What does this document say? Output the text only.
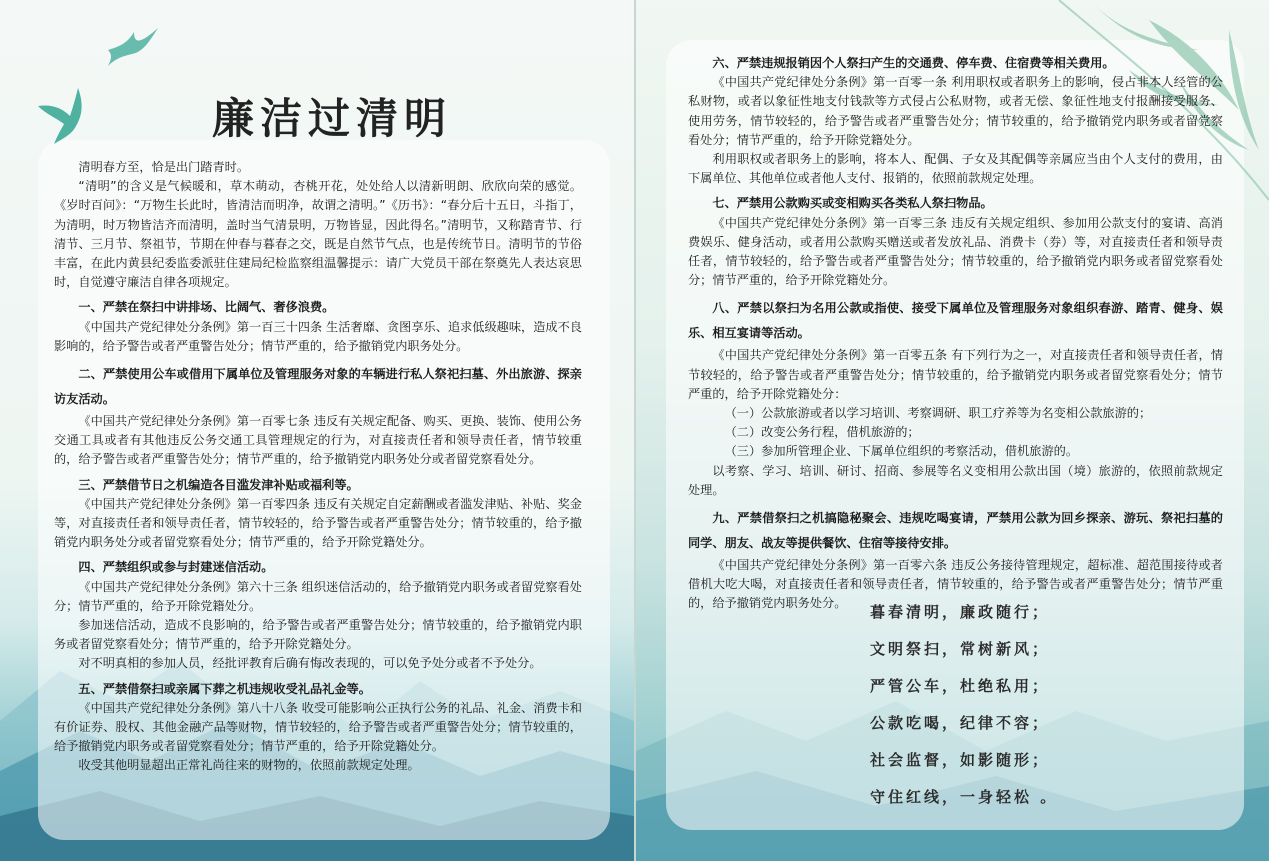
廉洁过清明

清明春方至，恰是出门踏青时。

“清明”的含义是气候暖和，草木萌动，杏桃开花，处处给人以清新明朗、欣欣向荣的感觉。《岁时百问》：“万物生长此时，皆清洁而明净，故谓之清明。”《历书》：“春分后十五日，斗指丁，为清明，时万物皆洁齐而清明，盖时当气清景明，万物皆显，因此得名。”清明节，又称踏青节、行清节、三月节、祭祖节，节期在仲春与暮春之交，既是自然节气点，也是传统节日。清明节的节俗丰富，在此内黄县纪委监委派驻住建局纪检监察组温馨提示：请广大党员干部在祭奠先人表达哀思时，自觉遵守廉洁自律各项规定。

一、严禁在祭扫中讲排场、比阔气、奢侈浪费。

《中国共产党纪律处分条例》第一百三十四条 生活奢靡、贪图享乐、追求低级趣味，造成不良影响的，给予警告或者严重警告处分；情节严重的，给予撤销党内职务处分。

二、严禁使用公车或借用下属单位及管理服务对象的车辆进行私人祭祀扫墓、外出旅游、探亲访友活动。

《中国共产党纪律处分条例》第一百零七条 违反有关规定配备、购买、更换、装饰、使用公务交通工具或者有其他违反公务交通工具管理规定的行为，对直接责任者和领导责任者，情节较重的，给予警告或者严重警告处分；情节严重的，给予撤销党内职务处分或者留党察看处分。

三、严禁借节日之机编造各目滥发津补贴或福利等。

《中国共产党纪律处分条例》第一百零四条 违反有关规定自定薪酬或者滥发津贴、补贴、奖金等，对直接责任者和领导责任者，情节较轻的，给予警告或者严重警告处分；情节较重的，给予撤销党内职务处分或者留党察看处分；情节严重的，给予开除党籍处分。

四、严禁组织或参与封建迷信活动。

《中国共产党纪律处分条例》第六十三条 组织迷信活动的，给予撤销党内职务或者留党察看处分；情节严重的，给予开除党籍处分。

参加迷信活动，造成不良影响的，给予警告或者严重警告处分；情节较重的，给予撤销党内职务或者留党察看处分；情节严重的，给予开除党籍处分。

对不明真相的参加人员，经批评教育后确有悔改表现的，可以免予处分或者不予处分。

五、严禁借祭扫或亲属下葬之机违规收受礼品礼金等。

《中国共产党纪律处分条例》第八十八条 收受可能影响公正执行公务的礼品、礼金、消费卡和有价证券、股权、其他金融产品等财物，情节较轻的，给予警告或者严重警告处分；情节较重的，给予撤销党内职务或者留党察看处分；情节严重的，给予开除党籍处分。

收受其他明显超出正常礼尚往来的财物的，依照前款规定处理。

六、严禁违规报销因个人祭扫产生的交通费、停车费、住宿费等相关费用。

《中国共产党纪律处分条例》第一百零一条 利用职权或者职务上的影响，侵占非本人经管的公私财物，或者以象征性地支付钱款等方式侵占公私财物，或者无偿、象征性地支付报酬接受服务、使用劳务，情节较轻的，给予警告或者严重警告处分；情节较重的，给予撤销党内职务或者留党察看处分；情节严重的，给予开除党籍处分。

利用职权或者职务上的影响，将本人、配偶、子女及其配偶等亲属应当由个人支付的费用，由下属单位、其他单位或者他人支付、报销的，依照前款规定处理。

七、严禁用公款购买或变相购买各类私人祭扫物品。

《中国共产党纪律处分条例》第一百零三条 违反有关规定组织、参加用公款支付的宴请、高消费娱乐、健身活动，或者用公款购买赠送或者发放礼品、消费卡（券）等，对直接责任者和领导责任者，情节较轻的，给予警告或者严重警告处分；情节较重的，给予撤销党内职务或者留党察看处分；情节严重的，给予开除党籍处分。

八、严禁以祭扫为名用公款或指使、接受下属单位及管理服务对象组织春游、踏青、健身、娱乐、相互宴请等活动。

《中国共产党纪律处分条例》第一百零五条 有下列行为之一，对直接责任者和领导责任者，情节较轻的，给予警告或者严重警告处分；情节较重的，给予撤销党内职务或者留党察看处分；情节严重的，给予开除党籍处分：

（一）公款旅游或者以学习培训、考察调研、职工疗养等为名变相公款旅游的；

（二）改变公务行程，借机旅游的；

（三）参加所管理企业、下属单位组织的考察活动，借机旅游的。

以考察、学习、培训、研讨、招商、参展等名义变相用公款出国（境）旅游的，依照前款规定处理。

九、严禁借祭扫之机搞隐秘聚会、违规吃喝宴请，严禁用公款为回乡探亲、游玩、祭祀扫墓的同学、朋友、战友等提供餐饮、住宿等接待安排。

《中国共产党纪律处分条例》第一百零六条 违反公务接待管理规定，超标准、超范围接待或者借机大吃大喝，对直接责任者和领导责任者，情节较重的，给予警告或者严重警告处分；情节严重的，给予撤销党内职务处分。	暮春清明，廉政随行；
文明祭扫，常树新风；
严管公车，杜绝私用；
公款吃喝，纪律不容；
社会监督，如影随形；
守住红线，一身轻松 。
